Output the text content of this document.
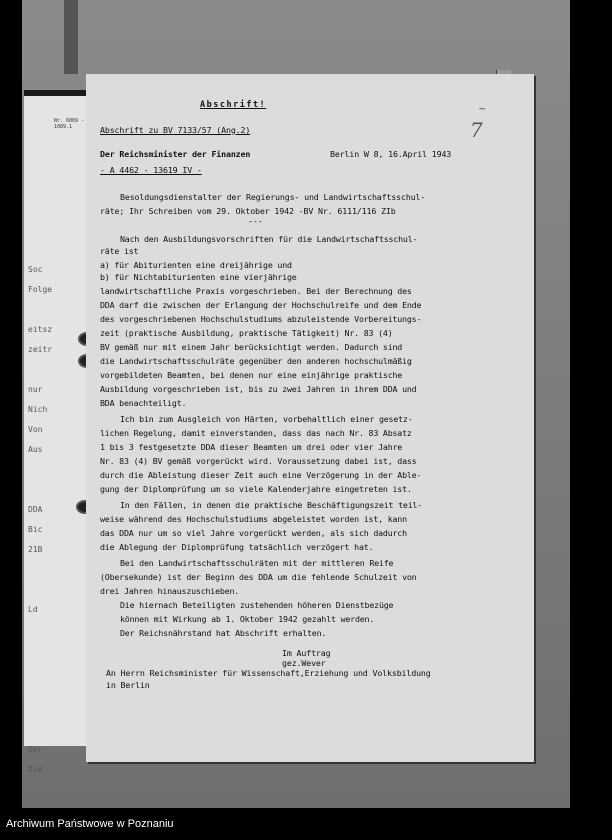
Nr. 6009 - 1089.1
Soc
Folge
eitsz
zeitr
nur
Nich
Von
Aus
DDA
Bic
21B
Ld
Dor
Die
Abschrift!
Abschrift zu BV 7133/57 (Ang.2)
Der Reichsminister der Finanzen	Berlin W 8, 16.April 1943
- A 4462 - 13619 IV -
Besoldungsdienstalter der Regierungs- und Landwirtschaftsschul-
räte; Ihr Schreiben vom 29. Oktober 1942 -BV Nr. 6111/116 ZIb
---
Nach den Ausbildungsvorschriften für die Landwirtschaftsschul-
räte ist
a) für Abiturienten eine dreijährige und
b) für Nichtabiturienten eine vierjährige
landwirtschaftliche Praxis vorgeschrieben. Bei der Berechnung des
DDA darf die zwischen der Erlangung der Hochschulreife und dem Ende
des vorgeschriebenen Hochschulstudiums abzuleistende Vorbereitungs-
zeit (praktische Ausbildung, praktische Tätigkeit) Nr. 83 (4)
BV gemäß nur mit einem Jahr berücksichtigt werden. Dadurch sind
die Landwirtschaftsschulräte gegenüber den anderen hochschulmäßig
vorgebildeten Beamten, bei denen nur eine einjährige praktische
Ausbildung vorgeschrieben ist, bis zu zwei Jahren in ihrem DDA und
BDA benachteiligt.
Ich bin zum Ausgleich von Härten, vorbehaltlich einer gesetz-
lichen Regelung, damit einverstanden, dass das nach Nr. 83 Absatz
1 bis 3 festgesetzte DDA dieser Beamten um drei oder vier Jahre
Nr. 83 (4) BV gemäß vorgerückt wird. Voraussetzung dabei ist, dass
durch die Ableistung dieser Zeit auch eine Verzögerung in der Able-
gung der Diplomprüfung um so viele Kalenderjahre eingetreten ist.
In den Fällen, in denen die praktische Beschäftigungszeit teil-
weise während des Hochschulstudiums abgeleistet worden ist, kann
das DDA nur um so viel Jahre vorgerückt werden, als sich dadurch
die Ablegung der Diplomprüfung tatsächlich verzögert hat.
Bei den Landwirtschaftsschulräten mit der mittleren Reife
(Obersekunde) ist der Beginn des DDA um die fehlende Schulzeit von
drei Jahren hinauszuschieben.
Die hiernach Beteiligten zustehenden höheren Dienstbezüge
können mit Wirkung ab 1. Oktober 1942 gezahlt werden.
Der Reichsnährstand hat Abschrift erhalten.
Im Auftrag
gez.Wever
An Herrn Reichsminister für Wissenschaft,Erziehung und Volksbildung
in Berlin
~
7
Archiwum Państwowe w Poznaniu
